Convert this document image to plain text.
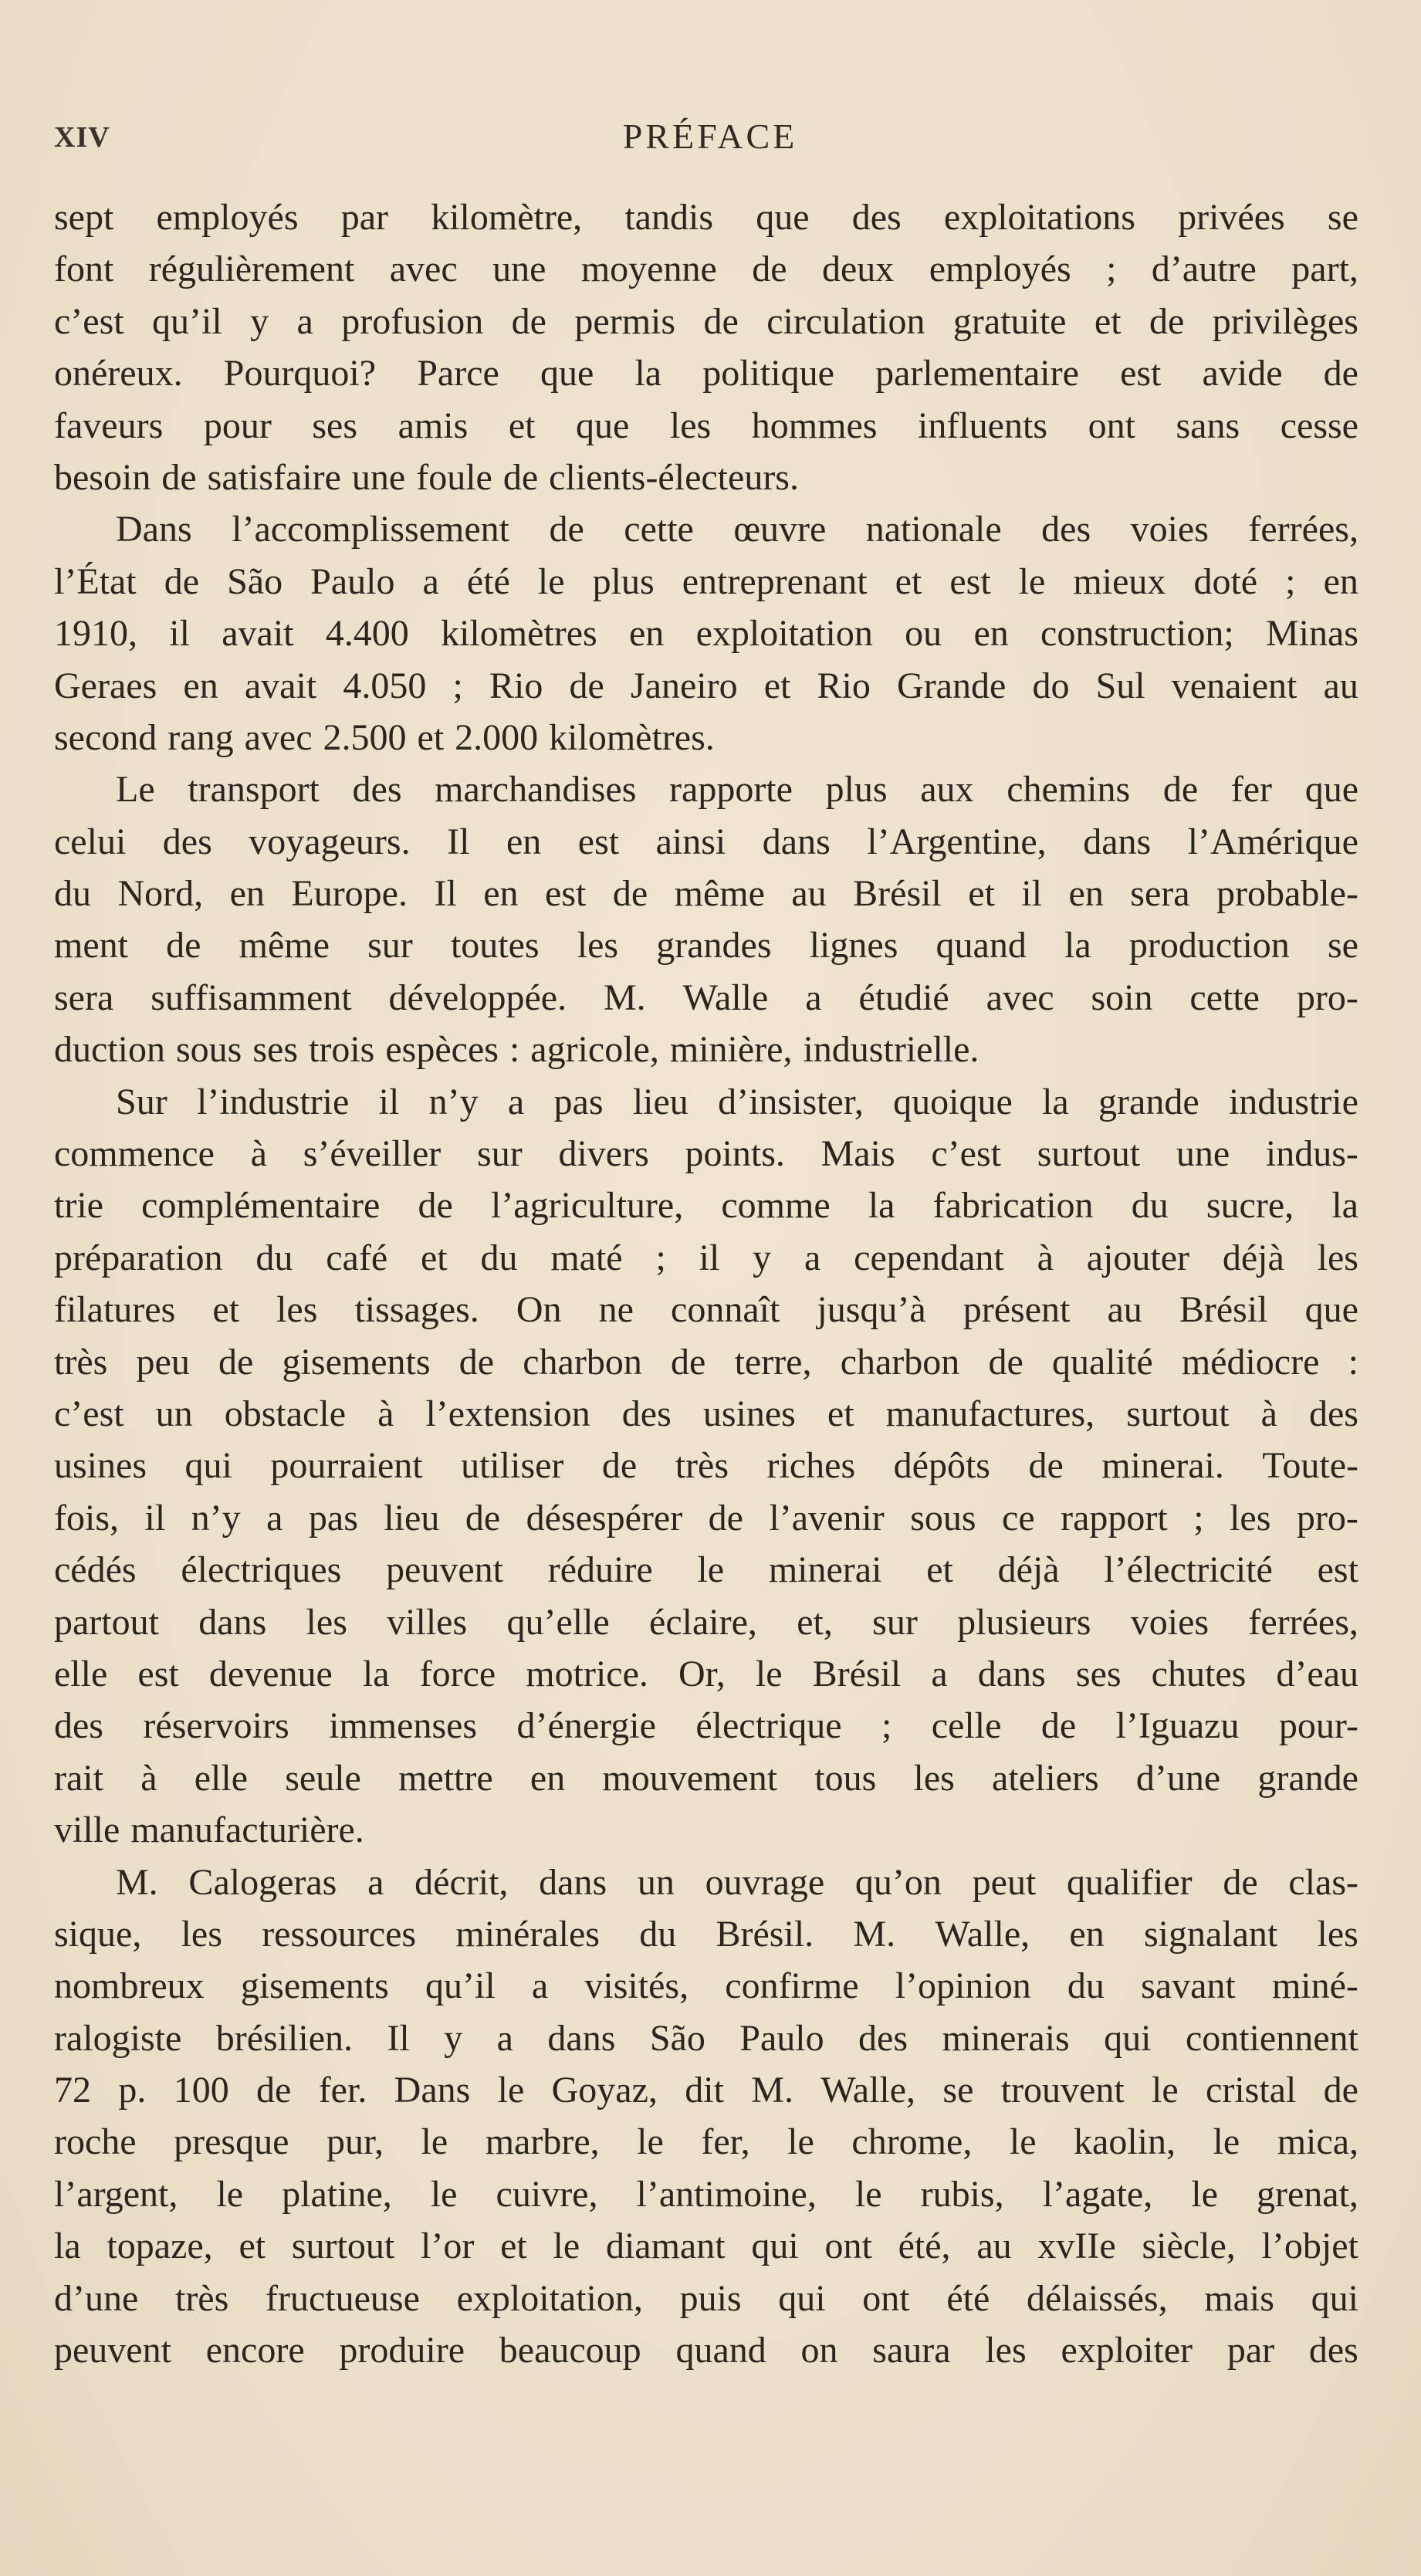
XIV	PRÉFACE
sept employés par kilomètre, tandis que des exploitations privées se
font régulièrement avec une moyenne de deux employés ; d’autre part,
c’est qu’il y a profusion de permis de circulation gratuite et de privilèges
onéreux. Pourquoi? Parce que la politique parlementaire est avide de
faveurs pour ses amis et que les hommes influents ont sans cesse
besoin de satisfaire une foule de clients-électeurs.
Dans l’accomplissement de cette œuvre nationale des voies ferrées,
l’État de São Paulo a été le plus entreprenant et est le mieux doté ; en
1910, il avait 4.400 kilomètres en exploitation ou en construction; Minas
Geraes en avait 4.050 ; Rio de Janeiro et Rio Grande do Sul venaient au
second rang avec 2.500 et 2.000 kilomètres.
Le transport des marchandises rapporte plus aux chemins de fer que
celui des voyageurs. Il en est ainsi dans l’Argentine, dans l’Amérique
du Nord, en Europe. Il en est de même au Brésil et il en sera probable-
ment de même sur toutes les grandes lignes quand la production se
sera suffisamment développée. M. Walle a étudié avec soin cette pro-
duction sous ses trois espèces : agricole, minière, industrielle.
Sur l’industrie il n’y a pas lieu d’insister, quoique la grande industrie
commence à s’éveiller sur divers points. Mais c’est surtout une indus-
trie complémentaire de l’agriculture, comme la fabrication du sucre, la
préparation du café et du maté ; il y a cependant à ajouter déjà les
filatures et les tissages. On ne connaît jusqu’à présent au Brésil que
très peu de gisements de charbon de terre, charbon de qualité médiocre :
c’est un obstacle à l’extension des usines et manufactures, surtout à des
usines qui pourraient utiliser de très riches dépôts de minerai. Toute-
fois, il n’y a pas lieu de désespérer de l’avenir sous ce rapport ; les pro-
cédés électriques peuvent réduire le minerai et déjà l’électricité est
partout dans les villes qu’elle éclaire, et, sur plusieurs voies ferrées,
elle est devenue la force motrice. Or, le Brésil a dans ses chutes d’eau
des réservoirs immenses d’énergie électrique ; celle de l’Iguazu pour-
rait à elle seule mettre en mouvement tous les ateliers d’une grande
ville manufacturière.
M. Calogeras a décrit, dans un ouvrage qu’on peut qualifier de clas-
sique, les ressources minérales du Brésil. M. Walle, en signalant les
nombreux gisements qu’il a visités, confirme l’opinion du savant miné-
ralogiste brésilien. Il y a dans São Paulo des minerais qui contiennent
72 p. 100 de fer. Dans le Goyaz, dit M. Walle, se trouvent le cristal de
roche presque pur, le marbre, le fer, le chrome, le kaolin, le mica,
l’argent, le platine, le cuivre, l’antimoine, le rubis, l’agate, le grenat,
la topaze, et surtout l’or et le diamant qui ont été, au xvIIe siècle, l’objet
d’une très fructueuse exploitation, puis qui ont été délaissés, mais qui
peuvent encore produire beaucoup quand on saura les exploiter par des
